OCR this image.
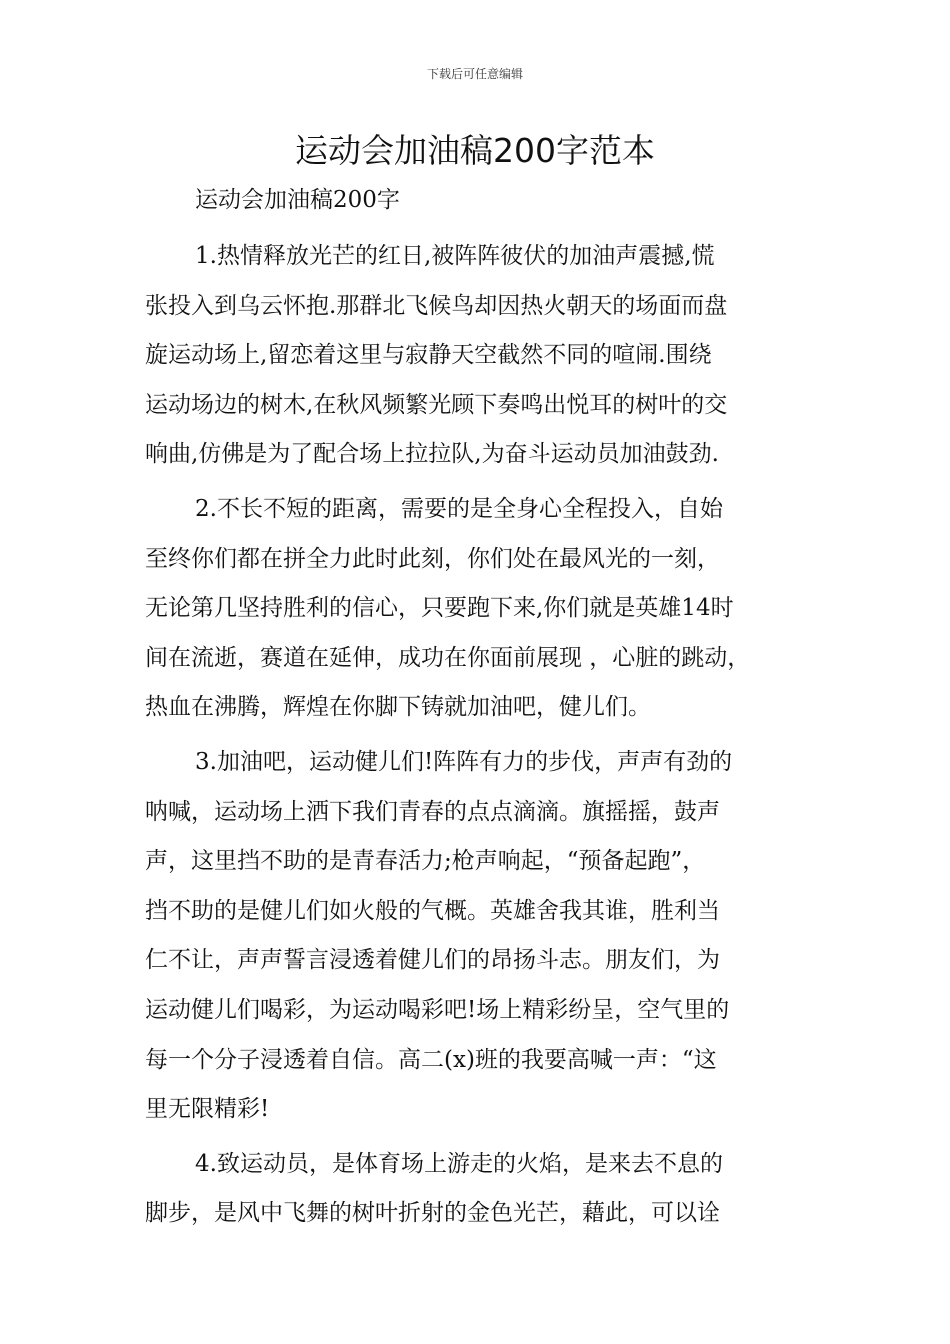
下载后可任意编辑
运动会加油稿200字范本

运动会加油稿200字

1.热情释放光芒的红日,被阵阵彼伏的加油声震撼,慌
张投入到乌云怀抱.那群北飞候鸟却因热火朝天的场面而盘
旋运动场上,留恋着这里与寂静天空截然不同的喧闹.围绕
运动场边的树木,在秋风频繁光顾下奏鸣出悦耳的树叶的交
响曲,仿佛是为了配合场上拉拉队,为奋斗运动员加油鼓劲.
2.不长不短的距离，需要的是全身心全程投入，自始
至终你们都在拼全力此时此刻，你们处在最风光的一刻，
无论第几坚持胜利的信心，只要跑下来,你们就是英雄14时
间在流逝，赛道在延伸，成功在你面前展现 ，心脏的跳动，
热血在沸腾，辉煌在你脚下铸就加油吧，健儿们。
3.加油吧，运动健儿们!阵阵有力的步伐，声声有劲的
呐喊，运动场上洒下我们青春的点点滴滴。旗摇摇，鼓声
声，这里挡不助的是青春活力;枪声响起，“预备起跑”，
挡不助的是健儿们如火般的气概。英雄舍我其谁，胜利当
仁不让，声声誓言浸透着健儿们的昂扬斗志。朋友们，为
运动健儿们喝彩，为运动喝彩吧!场上精彩纷呈，空气里的
每一个分子浸透着自信。高二(x)班的我要高喊一声：“这
里无限精彩!
4.致运动员，是体育场上游走的火焰，是来去不息的
脚步，是风中飞舞的树叶折射的金色光芒，藉此，可以诠
